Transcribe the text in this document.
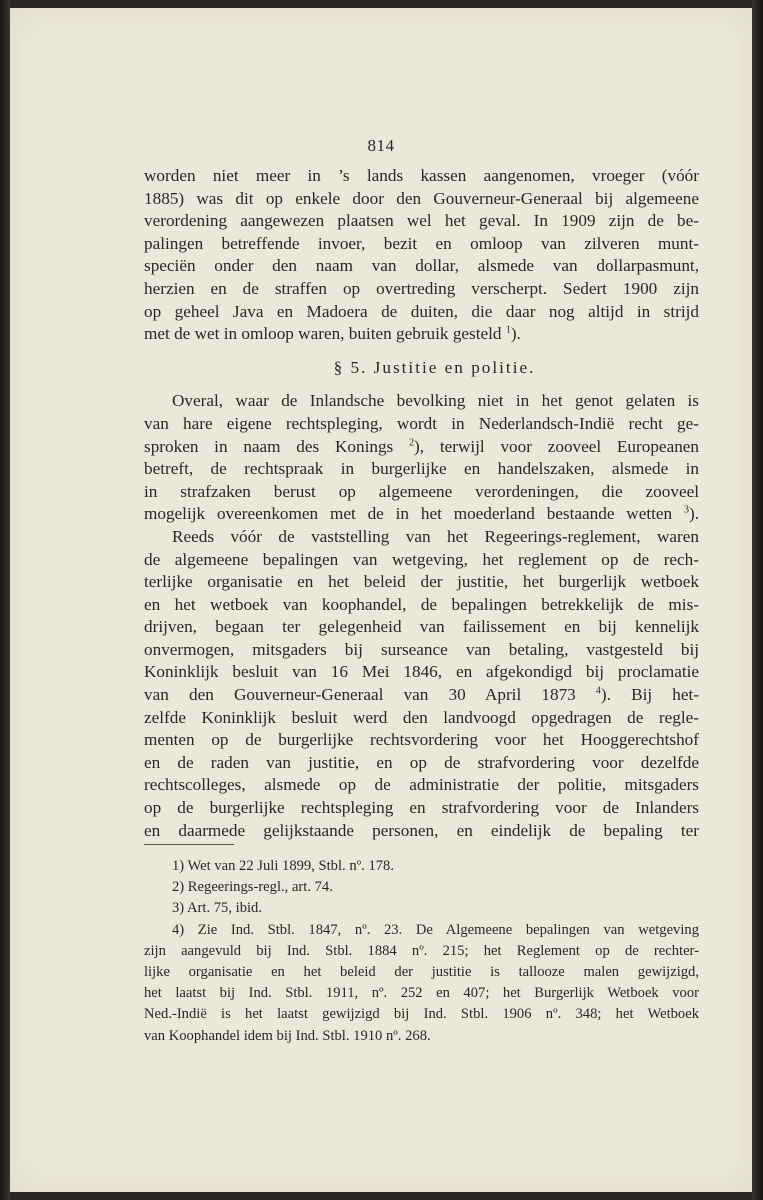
814
worden niet meer in ’s lands kassen aangenomen, vroeger (vóór
1885) was dit op enkele door den Gouverneur-Generaal bij algemeene
verordening aangewezen plaatsen wel het geval. In 1909 zijn de be-
palingen betreffende invoer, bezit en omloop van zilveren munt-
speciën onder den naam van dollar, alsmede van dollarpasmunt,
herzien en de straffen op overtreding verscherpt. Sedert 1900 zijn
op geheel Java en Madoera de duiten, die daar nog altijd in strijd
met de wet in omloop waren, buiten gebruik gesteld $^1$).
§ 5. Justitie en politie.
Overal, waar de Inlandsche bevolking niet in het genot gelaten is
van hare eigene rechtspleging, wordt in Nederlandsch-Indië recht ge-
sproken in naam des Konings $^2$), terwijl voor zooveel Europeanen
betreft, de rechtspraak in burgerlijke en handelszaken, alsmede in
in strafzaken berust op algemeene verordeningen, die zooveel
mogelijk overeenkomen met de in het moederland bestaande wetten $^3$).
Reeds vóór de vaststelling van het Regeerings-reglement, waren
de algemeene bepalingen van wetgeving, het reglement op de rech-
terlijke organisatie en het beleid der justitie, het burgerlijk wetboek
en het wetboek van koophandel, de bepalingen betrekkelijk de mis-
drijven, begaan ter gelegenheid van failissement en bij kennelijk
onvermogen, mitsgaders bij surseance van betaling, vastgesteld bij
Koninklijk besluit van 16 Mei 1846, en afgekondigd bij proclamatie
van den Gouverneur-Generaal van 30 April 1873 $^4$). Bij het-
zelfde Koninklijk besluit werd den landvoogd opgedragen de regle-
menten op de burgerlijke rechtsvordering voor het Hooggerechtshof
en de raden van justitie, en op de strafvordering voor dezelfde
rechtscolleges, alsmede op de administratie der politie, mitsgaders
op de burgerlijke rechtspleging en strafvordering voor de Inlanders
en daarmede gelijkstaande personen, en eindelijk de bepaling ter
1) Wet van 22 Juli 1899, Stbl. nº. 178.
2) Regeerings-regl., art. 74.
3) Art. 75, ibid.
4) Zie Ind. Stbl. 1847, nº. 23. De Algemeene bepalingen van wetgeving
zijn aangevuld bij Ind. Stbl. 1884 nº. 215; het Reglement op de rechter-
lijke organisatie en het beleid der justitie is tallooze malen gewijzigd,
het laatst bij Ind. Stbl. 1911, nº. 252 en 407; het Burgerlijk Wetboek voor
Ned.-Indië is het laatst gewijzigd bij Ind. Stbl. 1906 nº. 348; het Wetboek
van Koophandel idem bij Ind. Stbl. 1910 nº. 268.
